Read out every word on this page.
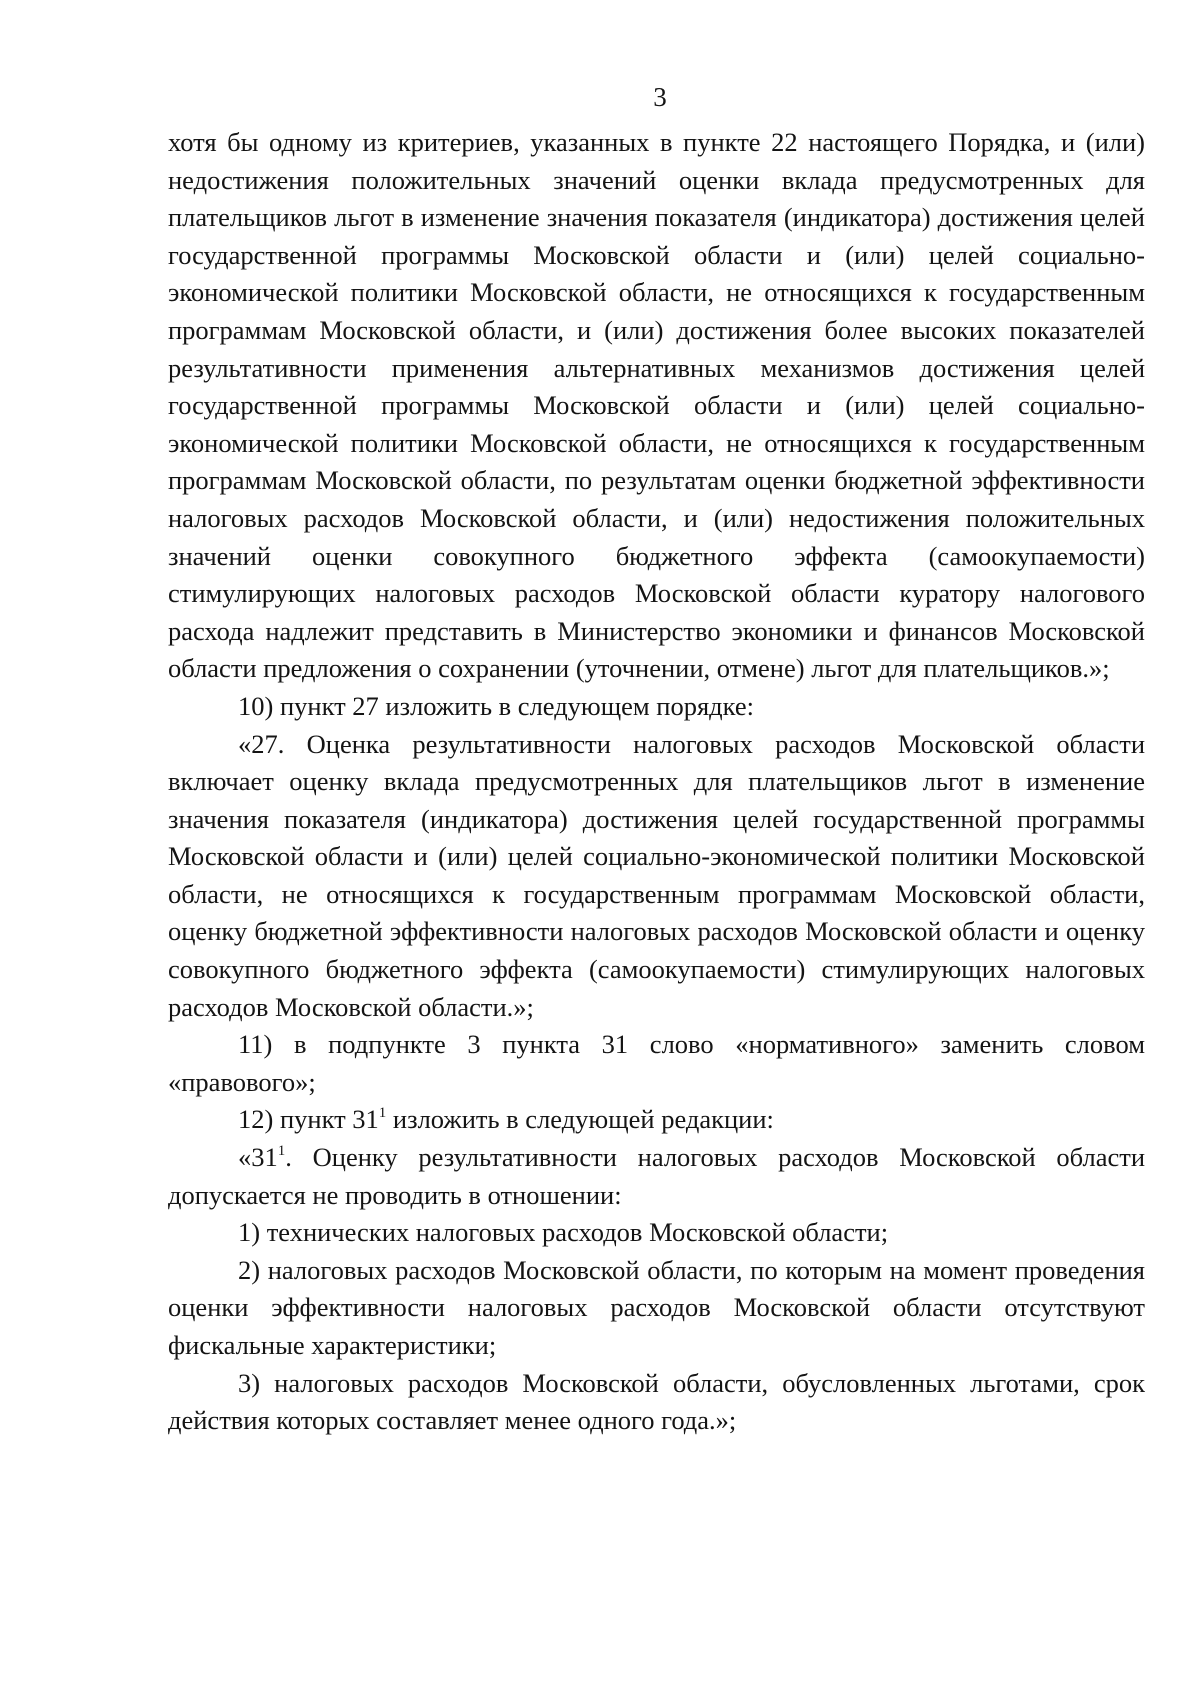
3

хотя бы одному из критериев, указанных в пункте 22 настоящего Порядка, и (или) недостижения положительных значений оценки вклада предусмотренных для плательщиков льгот в изменение значения показателя (индикатора) достижения целей государственной программы Московской области и (или) целей социально-экономической политики Московской области, не относящихся к государственным программам Московской области, и (или) достижения более высоких показателей результативности применения альтернативных механизмов достижения целей государственной программы Московской области и (или) целей социально-экономической политики Московской области, не относящихся к государственным программам Московской области, по результатам оценки бюджетной эффективности налоговых расходов Московской области, и (или) недостижения положительных значений оценки совокупного бюджетного эффекта (самоокупаемости) стимулирующих налоговых расходов Московской области куратору налогового расхода надлежит представить в Министерство экономики и финансов Московской области предложения о сохранении (уточнении, отмене) льгот для плательщиков.»;

10) пункт 27 изложить в следующем порядке:

«27. Оценка результативности налоговых расходов Московской области включает оценку вклада предусмотренных для плательщиков льгот в изменение значения показателя (индикатора) достижения целей государственной программы Московской области и (или) целей социально-экономической политики Московской области, не относящихся к государственным программам Московской области, оценку бюджетной эффективности налоговых расходов Московской области и оценку совокупного бюджетного эффекта (самоокупаемости) стимулирующих налоговых расходов Московской области.»;

11) в подпункте 3 пункта 31 слово «нормативного» заменить словом «правового»;

12) пункт $31^1$ изложить в следующей редакции:

«$31^1$. Оценку результативности налоговых расходов Московской области допускается не проводить в отношении:

1) технических налоговых расходов Московской области;

2) налоговых расходов Московской области, по которым на момент проведения оценки эффективности налоговых расходов Московской области отсутствуют фискальные характеристики;

3) налоговых расходов Московской области, обусловленных льготами, срок действия которых составляет менее одного года.»;
